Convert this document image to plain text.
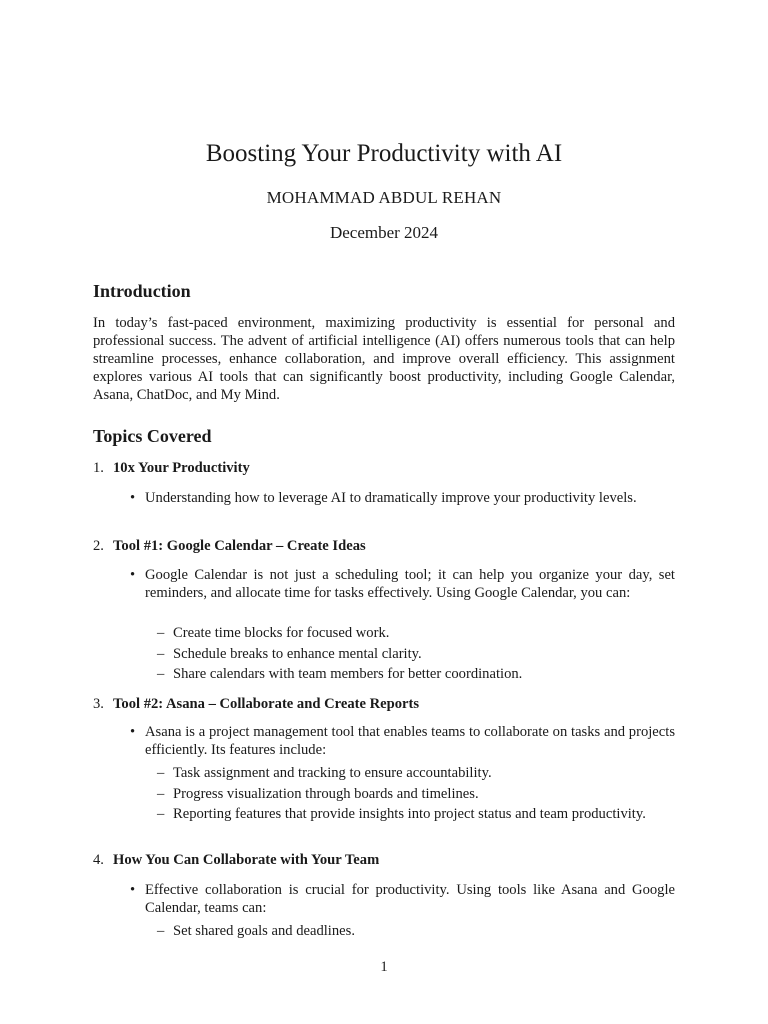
Boosting Your Productivity with AI
MOHAMMAD ABDUL REHAN
December 2024
Introduction
In today’s fast-paced environment, maximizing productivity is essential for personal and professional success. The advent of artificial intelligence (AI) offers numerous tools that can help streamline processes, enhance collaboration, and improve overall efficiency. This assignment explores various AI tools that can significantly boost productivity, including Google Calendar, Asana, ChatDoc, and My Mind.
Topics Covered
1. 10x Your Productivity
• Understanding how to leverage AI to dramatically improve your productivity levels.
2. Tool #1: Google Calendar – Create Ideas
• Google Calendar is not just a scheduling tool; it can help you organize your day, set reminders, and allocate time for tasks effectively. Using Google Calendar, you can:
– Create time blocks for focused work.
– Schedule breaks to enhance mental clarity.
– Share calendars with team members for better coordination.
3. Tool #2: Asana – Collaborate and Create Reports
• Asana is a project management tool that enables teams to collaborate on tasks and projects efficiently. Its features include:
– Task assignment and tracking to ensure accountability.
– Progress visualization through boards and timelines.
– Reporting features that provide insights into project status and team productivity.
4. How You Can Collaborate with Your Team
• Effective collaboration is crucial for productivity. Using tools like Asana and Google Calendar, teams can:
– Set shared goals and deadlines.
1
